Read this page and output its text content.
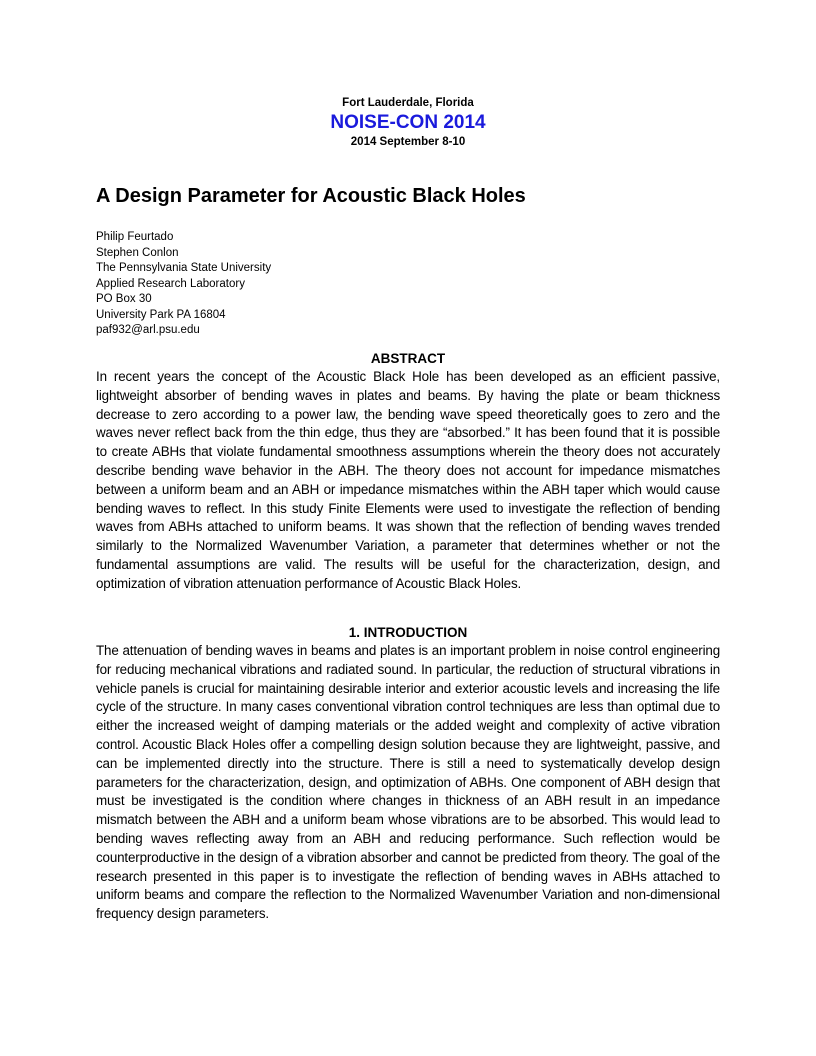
Fort Lauderdale, Florida
NOISE-CON 2014
2014 September 8-10
A Design Parameter for Acoustic Black Holes
Philip Feurtado
Stephen Conlon
The Pennsylvania State University
Applied Research Laboratory
PO Box 30
University Park PA 16804
paf932@arl.psu.edu
ABSTRACT

In recent years the concept of the Acoustic Black Hole has been developed as an efficient passive, lightweight absorber of bending waves in plates and beams. By having the plate or beam thickness decrease to zero according to a power law, the bending wave speed theoretically goes to zero and the waves never reflect back from the thin edge, thus they are “absorbed.” It has been found that it is possible to create ABHs that violate fundamental smoothness assumptions wherein the theory does not accurately describe bending wave behavior in the ABH. The theory does not account for impedance mismatches between a uniform beam and an ABH or impedance mismatches within the ABH taper which would cause bending waves to reflect. In this study Finite Elements were used to investigate the reflection of bending waves from ABHs attached to uniform beams. It was shown that the reflection of bending waves trended similarly to the Normalized Wavenumber Variation, a parameter that determines whether or not the fundamental assumptions are valid. The results will be useful for the characterization, design, and optimization of vibration attenuation performance of Acoustic Black Holes.

1. INTRODUCTION

The attenuation of bending waves in beams and plates is an important problem in noise control engineering for reducing mechanical vibrations and radiated sound. In particular, the reduction of structural vibrations in vehicle panels is crucial for maintaining desirable interior and exterior acoustic levels and increasing the life cycle of the structure. In many cases conventional vibration control techniques are less than optimal due to either the increased weight of damping materials or the added weight and complexity of active vibration control. Acoustic Black Holes offer a compelling design solution because they are lightweight, passive, and can be implemented directly into the structure. There is still a need to systematically develop design parameters for the characterization, design, and optimization of ABHs. One component of ABH design that must be investigated is the condition where changes in thickness of an ABH result in an impedance mismatch between the ABH and a uniform beam whose vibrations are to be absorbed. This would lead to bending waves reflecting away from an ABH and reducing performance. Such reflection would be counterproductive in the design of a vibration absorber and cannot be predicted from theory. The goal of the research presented in this paper is to investigate the reflection of bending waves in ABHs attached to uniform beams and compare the reflection to the Normalized Wavenumber Variation and non-dimensional frequency design parameters.
